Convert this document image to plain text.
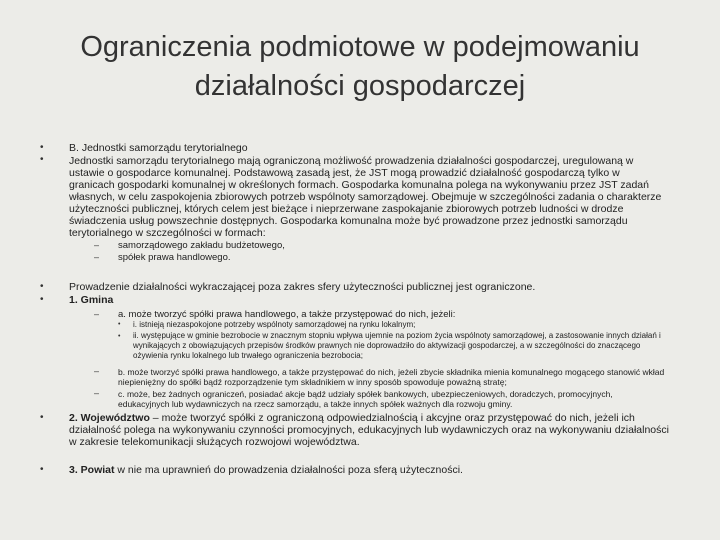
Ograniczenia podmiotowe w podejmowaniu
działalności gospodarczej
•
•
B. Jednostki samorządu terytorialnego
Jednostki samorządu terytorialnego mają ograniczoną możliwość prowadzenia działalności gospodarczej, uregulowaną w ustawie o gospodarce komunalnej. Podstawową zasadą jest, że JST mogą prowadzić działalność gospodarczą tylko w granicach gospodarki komunalnej w określonych formach. Gospodarka komunalna polega na wykonywaniu przez JST zadań własnych, w celu zaspokojenia zbiorowych potrzeb wspólnoty samorządowej. Obejmuje w szczególności zadania o charakterze użyteczności publicznej, których celem jest bieżące i nieprzerwane zaspokajanie zbiorowych potrzeb ludności w drodze świadczenia usług powszechnie dostępnych. Gospodarka komunalna może być prowadzone przez jednostki samorządu terytorialnego w szczególności w formach:
– samorządowego zakładu budżetowego,
– spółek prawa handlowego.
•
•
Prowadzenie działalności wykraczającej poza zakres sfery użyteczności publicznej jest ograniczone.
1. Gmina
– a. może tworzyć spółki prawa handlowego, a także przystępować do nich, jeżeli:
• i. istnieją niezaspokojone potrzeby wspólnoty samorządowej na rynku lokalnym;
• ii. występujące w gminie bezrobocie w znacznym stopniu wpływa ujemnie na poziom życia wspólnoty samorządowej, a zastosowanie innych działań i wynikających z obowiązujących przepisów środków prawnych nie doprowadziło do aktywizacji gospodarczej, a w szczególności do znaczącego ożywienia rynku lokalnego lub trwałego ograniczenia bezrobocia;
– b. może tworzyć spółki prawa handlowego, a także przystępować do nich, jeżeli zbycie składnika mienia komunalnego mogącego stanowić wkład niepieniężny do spółki bądź rozporządzenie tym składnikiem w inny sposób spowoduje poważną stratę;
– c. może, bez żadnych ograniczeń, posiadać akcje bądź udziały spółek bankowych, ubezpieczeniowych, doradczych, promocyjnych, edukacyjnych lub wydawniczych na rzecz samorządu, a także innych spółek ważnych dla rozwoju gminy.
• 2. Województwo – może tworzyć spółki z ograniczoną odpowiedzialnością i akcyjne oraz przystępować do nich, jeżeli ich działalność polega na wykonywaniu czynności promocyjnych, edukacyjnych lub wydawniczych oraz na wykonywaniu działalności w zakresie telekomunikacji służących rozwojowi województwa.
• 3. Powiat w nie ma uprawnień do prowadzenia działalności poza sferą użyteczności.
